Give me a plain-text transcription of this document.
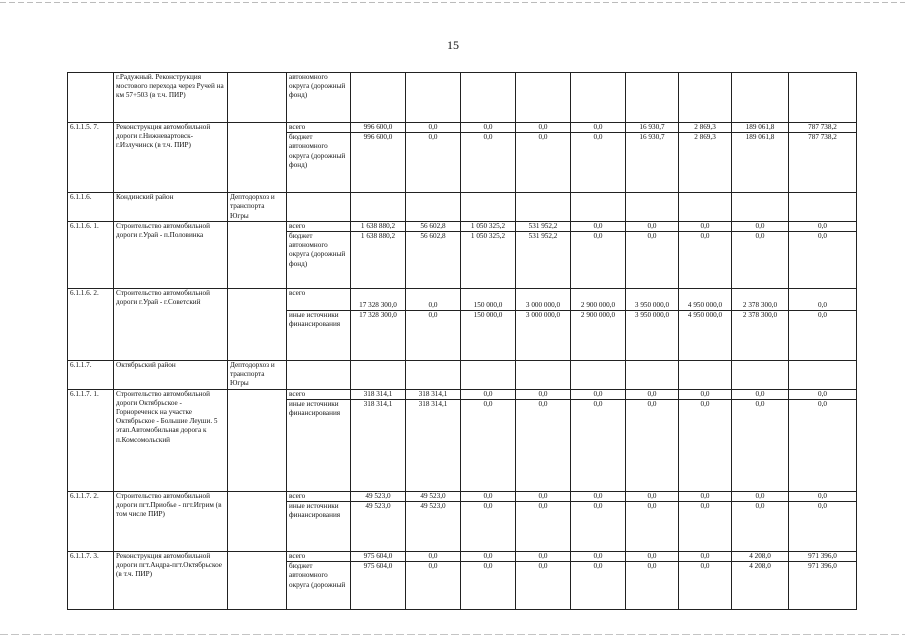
15
	г.Радужный. Реконструкция мостового перехода через Ручей на км 57+503 (в т.ч. ПИР)		автономного округа (дорожный фонд)									
6.1.1.5. 7.	Реконструкция автомобильной дороги г.Нижневартовск-г.Излучинск (в т.ч. ПИР)		всего	996 600,0	0,0	0,0	0,0	0,0	16 930,7	2 869,3	189 061,8	787 738,2
			бюджет автономного округа (дорожный фонд)	996 600,0	0,0	0,0	0,0	0,0	16 930,7	2 869,3	189 061,8	787 738,2
6.1.1.6.	Кондинский район	Дептодорхоз и транспорта Югры										
6.1.1.6. 1.	Строительство автомобильной дороги г.Урай - п.Половинка		всего	1 638 880,2	56 602,8	1 050 325,2	531 952,2	0,0	0,0	0,0	0,0	0,0
			бюджет автономного округа (дорожный фонд)	1 638 880,2	56 602,8	1 050 325,2	531 952,2	0,0	0,0	0,0	0,0	0,0
6.1.1.6. 2.	Строительство автомобильной дороги г.Урай - г.Советский		всего	17 328 300,0	0,0	150 000,0	3 000 000,0	2 900 000,0	3 950 000,0	4 950 000,0	2 378 300,0	0,0
			иные источники финансирования	17 328 300,0	0,0	150 000,0	3 000 000,0	2 900 000,0	3 950 000,0	4 950 000,0	2 378 300,0	0,0
6.1.1.7.	Октябрьский район	Дептодорхоз и транспорта Югры										
6.1.1.7. 1.	Строительство автомобильной дороги Октябрьское - Горнореченск на участке Октябрьское - Большие Леуши. 5 этап.Автомобильная дорога к п.Комсомольский		всего	318 314,1	318 314,1	0,0	0,0	0,0	0,0	0,0	0,0	0,0
			иные источники финансирования	318 314,1	318 314,1	0,0	0,0	0,0	0,0	0,0	0,0	0,0
6.1.1.7. 2.	Строительство автомобильной дороги пгт.Приобье - пгт.Игрим (в том числе ПИР)		всего	49 523,0	49 523,0	0,0	0,0	0,0	0,0	0,0	0,0	0,0
			иные источники финансирования	49 523,0	49 523,0	0,0	0,0	0,0	0,0	0,0	0,0	0,0
6.1.1.7. 3.	Реконструкция автомобильной дороги пгт.Андра-пгт.Октябрьское (в т.ч. ПИР)		всего	975 604,0	0,0	0,0	0,0	0,0	0,0	0,0	4 208,0	971 396,0
			бюджет автономного округа (дорожный	975 604,0	0,0	0,0	0,0	0,0	0,0	0,0	4 208,0	971 396,0
